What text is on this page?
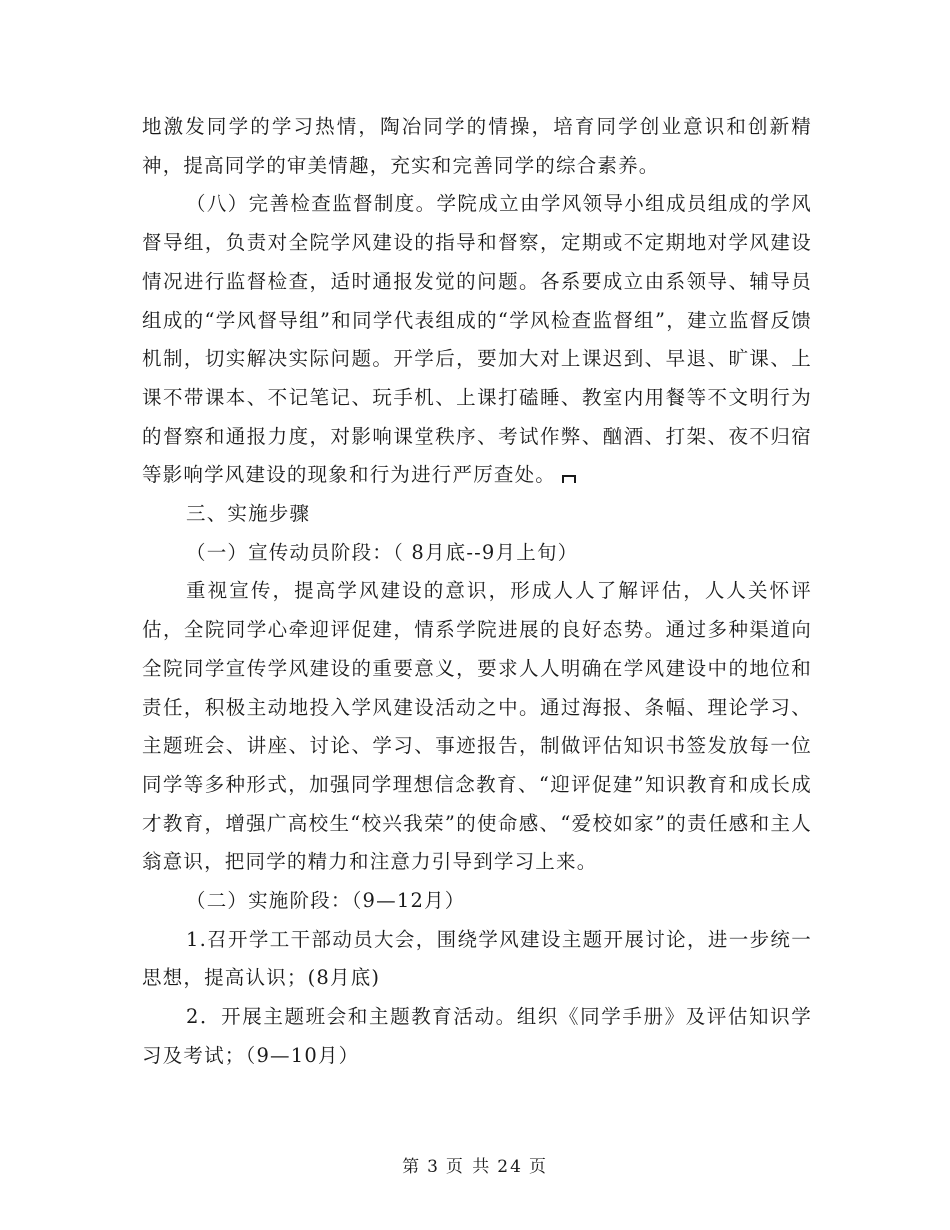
地激发同学的学习热情，陶冶同学的情操，培育同学创业意识和创新精神，提高同学的审美情趣，充实和完善同学的综合素养。

（八）完善检查监督制度。学院成立由学风领导小组成员组成的学风督导组，负责对全院学风建设的指导和督察，定期或不定期地对学风建设情况进行监督检查，适时通报发觉的问题。各系要成立由系领导、辅导员组成的“学风督导组”和同学代表组成的“学风检查监督组”，建立监督反馈机制，切实解决实际问题。开学后，要加大对上课迟到、早退、旷课、上课不带课本、不记笔记、玩手机、上课打磕睡、教室内用餐等不文明行为的督察和通报力度，对影响课堂秩序、考试作弊、酗酒、打架、夜不归宿等影响学风建设的现象和行为进行严厉查处。

三、实施步骤

（一）宣传动员阶段：（ 8月底--9月上旬）

重视宣传，提高学风建设的意识，形成人人了解评估，人人关怀评估，全院同学心牵迎评促建，情系学院进展的良好态势。通过多种渠道向全院同学宣传学风建设的重要意义，要求人人明确在学风建设中的地位和责任，积极主动地投入学风建设活动之中。通过海报、条幅、理论学习、主题班会、讲座、讨论、学习、事迹报告，制做评估知识书签发放每一位同学等多种形式，加强同学理想信念教育、“迎评促建”知识教育和成长成才教育，增强广高校生“校兴我荣”的使命感、“爱校如家”的责任感和主人翁意识，把同学的精力和注意力引导到学习上来。

（二）实施阶段：（9—12月）

1.召开学工干部动员大会，围绕学风建设主题开展讨论，进一步统一思想，提高认识；(8月底)

2．开展主题班会和主题教育活动。组织《同学手册》及评估知识学习及考试；（9—10月）

第 3 页 共 24 页
